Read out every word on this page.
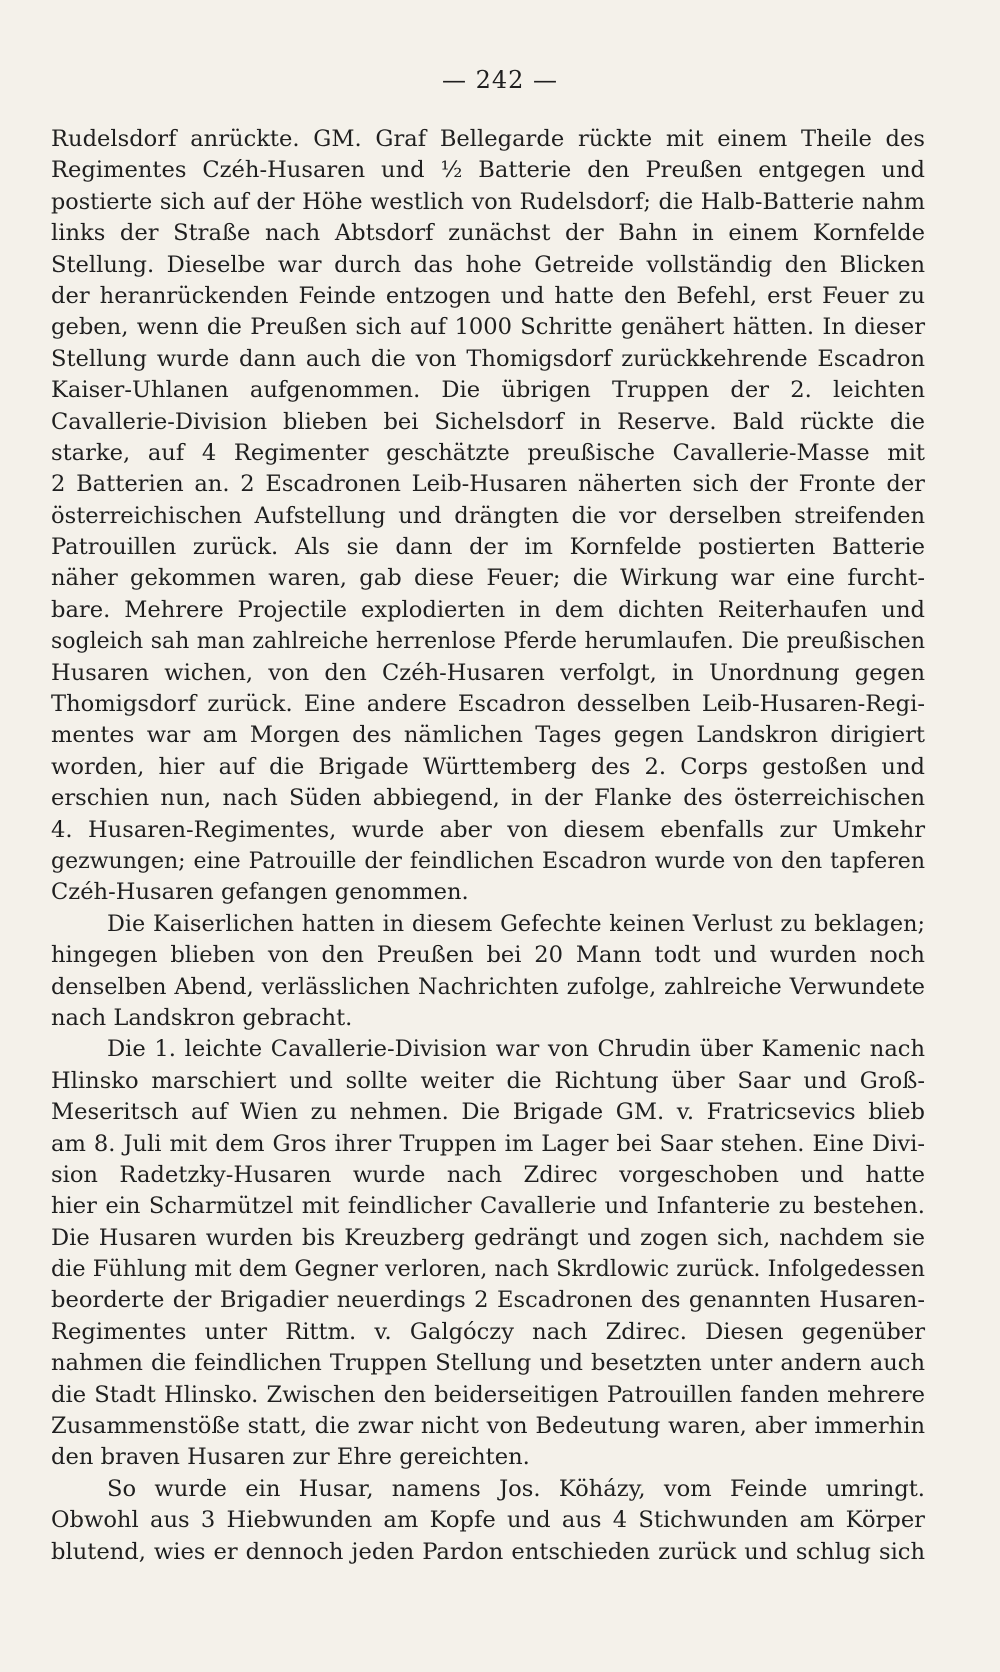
— 242 —
Rudelsdorf anrückte. GM. Graf Bellegarde rückte mit einem Theile des
Regimentes Czéh-Husaren und ½ Batterie den Preußen entgegen und
postierte sich auf der Höhe westlich von Rudelsdorf; die Halb-Batterie nahm
links der Straße nach Abtsdorf zunächst der Bahn in einem Kornfelde
Stellung. Dieselbe war durch das hohe Getreide vollständig den Blicken
der heranrückenden Feinde entzogen und hatte den Befehl, erst Feuer zu
geben, wenn die Preußen sich auf 1000 Schritte genähert hätten. In dieser
Stellung wurde dann auch die von Thomigsdorf zurückkehrende Escadron
Kaiser-Uhlanen aufgenommen. Die übrigen Truppen der 2. leichten
Cavallerie-Division blieben bei Sichelsdorf in Reserve. Bald rückte die
starke, auf 4 Regimenter geschätzte preußische Cavallerie-Masse mit
2 Batterien an. 2 Escadronen Leib-Husaren näherten sich der Fronte der
österreichischen Aufstellung und drängten die vor derselben streifenden
Patrouillen zurück. Als sie dann der im Kornfelde postierten Batterie
näher gekommen waren, gab diese Feuer; die Wirkung war eine furcht-
bare. Mehrere Projectile explodierten in dem dichten Reiterhaufen und
sogleich sah man zahlreiche herrenlose Pferde herumlaufen. Die preußischen
Husaren wichen, von den Czéh-Husaren verfolgt, in Unordnung gegen
Thomigsdorf zurück. Eine andere Escadron desselben Leib-Husaren-Regi-
mentes war am Morgen des nämlichen Tages gegen Landskron dirigiert
worden, hier auf die Brigade Württemberg des 2. Corps gestoßen und
erschien nun, nach Süden abbiegend, in der Flanke des österreichischen
4. Husaren-Regimentes, wurde aber von diesem ebenfalls zur Umkehr
gezwungen; eine Patrouille der feindlichen Escadron wurde von den tapferen
Czéh-Husaren gefangen genommen.
Die Kaiserlichen hatten in diesem Gefechte keinen Verlust zu beklagen;
hingegen blieben von den Preußen bei 20 Mann todt und wurden noch
denselben Abend, verlässlichen Nachrichten zufolge, zahlreiche Verwundete
nach Landskron gebracht.
Die 1. leichte Cavallerie-Division war von Chrudin über Kamenic nach
Hlinsko marschiert und sollte weiter die Richtung über Saar und Groß-
Meseritsch auf Wien zu nehmen. Die Brigade GM. v. Fratricsevics blieb
am 8. Juli mit dem Gros ihrer Truppen im Lager bei Saar stehen. Eine Divi-
sion Radetzky-Husaren wurde nach Zdirec vorgeschoben und hatte
hier ein Scharmützel mit feindlicher Cavallerie und Infanterie zu bestehen.
Die Husaren wurden bis Kreuzberg gedrängt und zogen sich, nachdem sie
die Fühlung mit dem Gegner verloren, nach Skrdlowic zurück. Infolgedessen
beorderte der Brigadier neuerdings 2 Escadronen des genannten Husaren-
Regimentes unter Rittm. v. Galgóczy nach Zdirec. Diesen gegenüber
nahmen die feindlichen Truppen Stellung und besetzten unter andern auch
die Stadt Hlinsko. Zwischen den beiderseitigen Patrouillen fanden mehrere
Zusammenstöße statt, die zwar nicht von Bedeutung waren, aber immerhin
den braven Husaren zur Ehre gereichten.
So wurde ein Husar, namens Jos. Köházy, vom Feinde umringt.
Obwohl aus 3 Hiebwunden am Kopfe und aus 4 Stichwunden am Körper
blutend, wies er dennoch jeden Pardon entschieden zurück und schlug sich
